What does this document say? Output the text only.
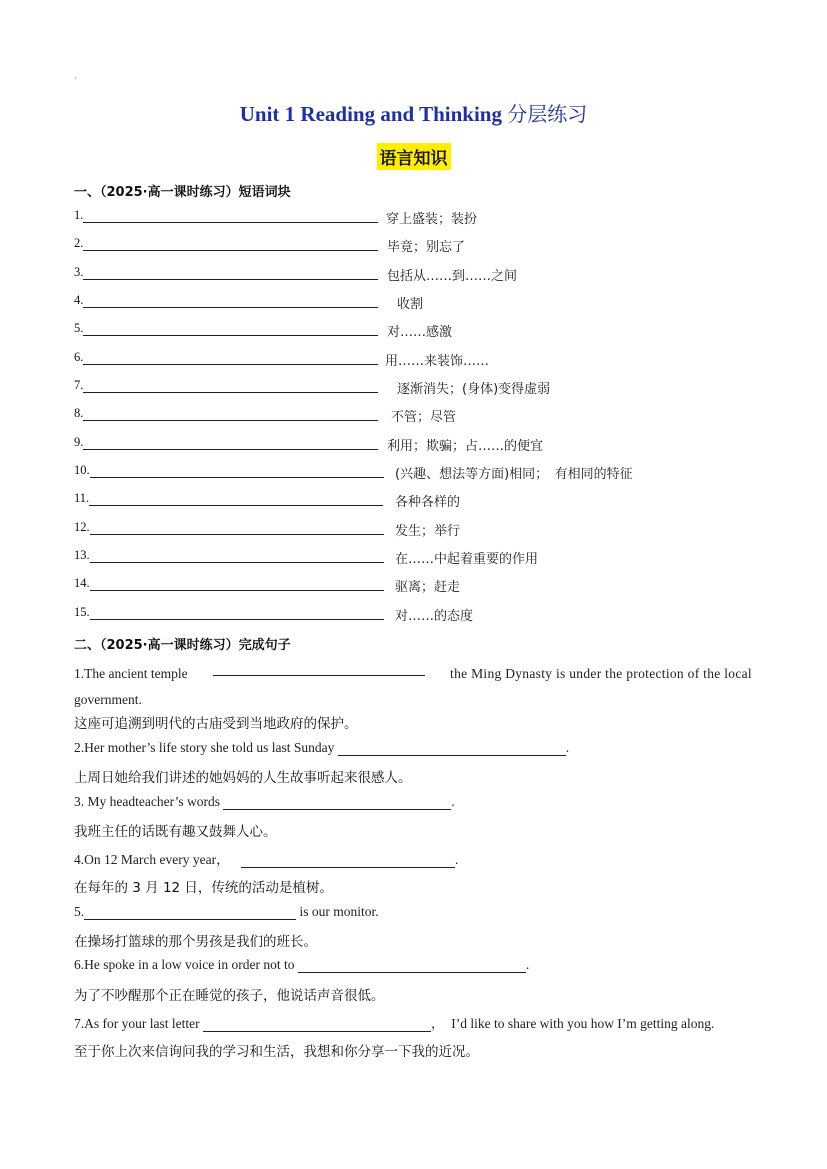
、
Unit 1 Reading and Thinking 分层练习
语言知识
一、（2025·高一课时练习）短语词块
1.	穿上盛装；装扮
2.	毕竟；别忘了
3.	包括从……到……之间
4.	收割
5.	对……感激
6.	用……来装饰……
7.	逐渐消失；(身体)变得虚弱
8.	不管；尽管
9.	利用；欺骗；占……的便宜
10.	(兴趣、想法等方面)相同；　有相同的特征
11.	各种各样的
12.	发生；举行
13.	在……中起着重要的作用
14.	驱离；赶走
15.	对……的态度
二、（2025·高一课时练习）完成句子
1.The ancient temple	the Ming Dynasty is under the protection of the local
government.
这座可追溯到明代的古庙受到当地政府的保护。
2.Her mother’s life story she told us last Sunday	.
上周日她给我们讲述的她妈妈的人生故事听起来很感人。
3. My headteacher’s words	.
我班主任的话既有趣又鼓舞人心。
4.On 12 March every year，	.
在每年的 3 月 12 日，传统的活动是植树。
5.	is our monitor.
在操场打篮球的那个男孩是我们的班长。
6.He spoke in a low voice in order not to	.
为了不吵醒那个正在睡觉的孩子，他说话声音很低。
7.As for your last letter	，　I’d like to share with you how I’m getting along.
至于你上次来信询问我的学习和生活，我想和你分享一下我的近况。
